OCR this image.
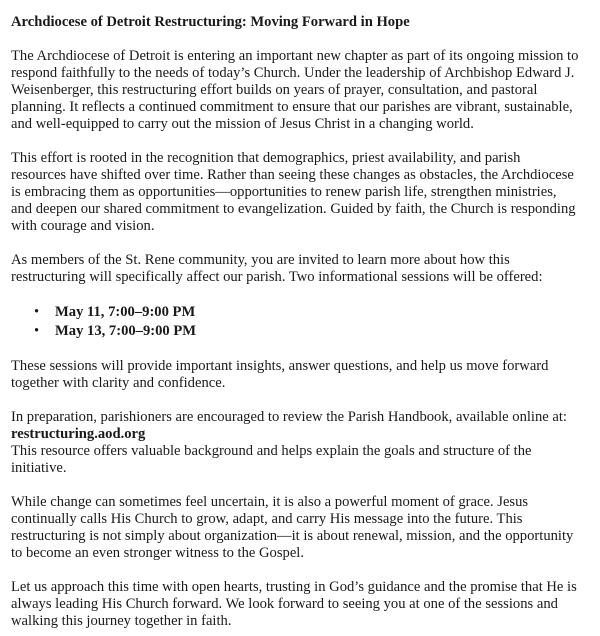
Archdiocese of Detroit Restructuring: Moving Forward in Hope
The Archdiocese of Detroit is entering an important new chapter as part of its ongoing mission to
respond faithfully to the needs of today’s Church. Under the leadership of Archbishop Edward J.
Weisenberger, this restructuring effort builds on years of prayer, consultation, and pastoral
planning. It reflects a continued commitment to ensure that our parishes are vibrant, sustainable,
and well-equipped to carry out the mission of Jesus Christ in a changing world.
This effort is rooted in the recognition that demographics, priest availability, and parish
resources have shifted over time. Rather than seeing these changes as obstacles, the Archdiocese
is embracing them as opportunities—opportunities to renew parish life, strengthen ministries,
and deepen our shared commitment to evangelization. Guided by faith, the Church is responding
with courage and vision.
As members of the St. Rene community, you are invited to learn more about how this
restructuring will specifically affect our parish. Two informational sessions will be offered:
• May 11, 7:00–9:00 PM
• May 13, 7:00–9:00 PM
These sessions will provide important insights, answer questions, and help us move forward
together with clarity and confidence.
In preparation, parishioners are encouraged to review the Parish Handbook, available online at:
restructuring.aod.org
This resource offers valuable background and helps explain the goals and structure of the
initiative.
While change can sometimes feel uncertain, it is also a powerful moment of grace. Jesus
continually calls His Church to grow, adapt, and carry His message into the future. This
restructuring is not simply about organization—it is about renewal, mission, and the opportunity
to become an even stronger witness to the Gospel.
Let us approach this time with open hearts, trusting in God’s guidance and the promise that He is
always leading His Church forward. We look forward to seeing you at one of the sessions and
walking this journey together in faith.
